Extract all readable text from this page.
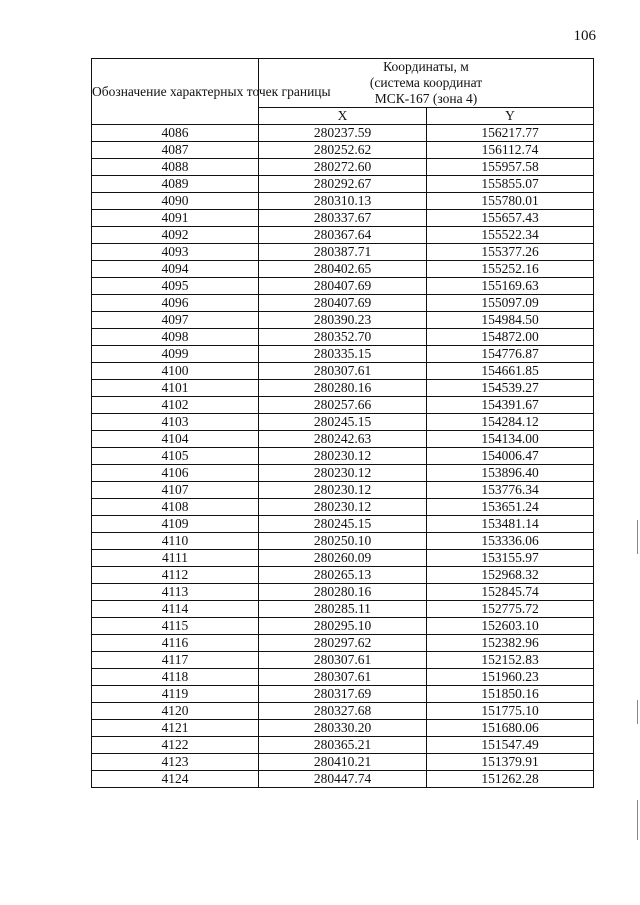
106
Обозначение характерных точек границы	Координаты, м
(система координат
МСК-167 (зона 4)	

	X	Y
4086	280237.59	156217.77
4087	280252.62	156112.74
4088	280272.60	155957.58
4089	280292.67	155855.07
4090	280310.13	155780.01
4091	280337.67	155657.43
4092	280367.64	155522.34
4093	280387.71	155377.26
4094	280402.65	155252.16
4095	280407.69	155169.63
4096	280407.69	155097.09
4097	280390.23	154984.50
4098	280352.70	154872.00
4099	280335.15	154776.87
4100	280307.61	154661.85
4101	280280.16	154539.27
4102	280257.66	154391.67
4103	280245.15	154284.12
4104	280242.63	154134.00
4105	280230.12	154006.47
4106	280230.12	153896.40
4107	280230.12	153776.34
4108	280230.12	153651.24
4109	280245.15	153481.14
4110	280250.10	153336.06
4111	280260.09	153155.97
4112	280265.13	152968.32
4113	280280.16	152845.74
4114	280285.11	152775.72
4115	280295.10	152603.10
4116	280297.62	152382.96
4117	280307.61	152152.83
4118	280307.61	151960.23
4119	280317.69	151850.16
4120	280327.68	151775.10
4121	280330.20	151680.06
4122	280365.21	151547.49
4123	280410.21	151379.91
4124	280447.74	151262.28
